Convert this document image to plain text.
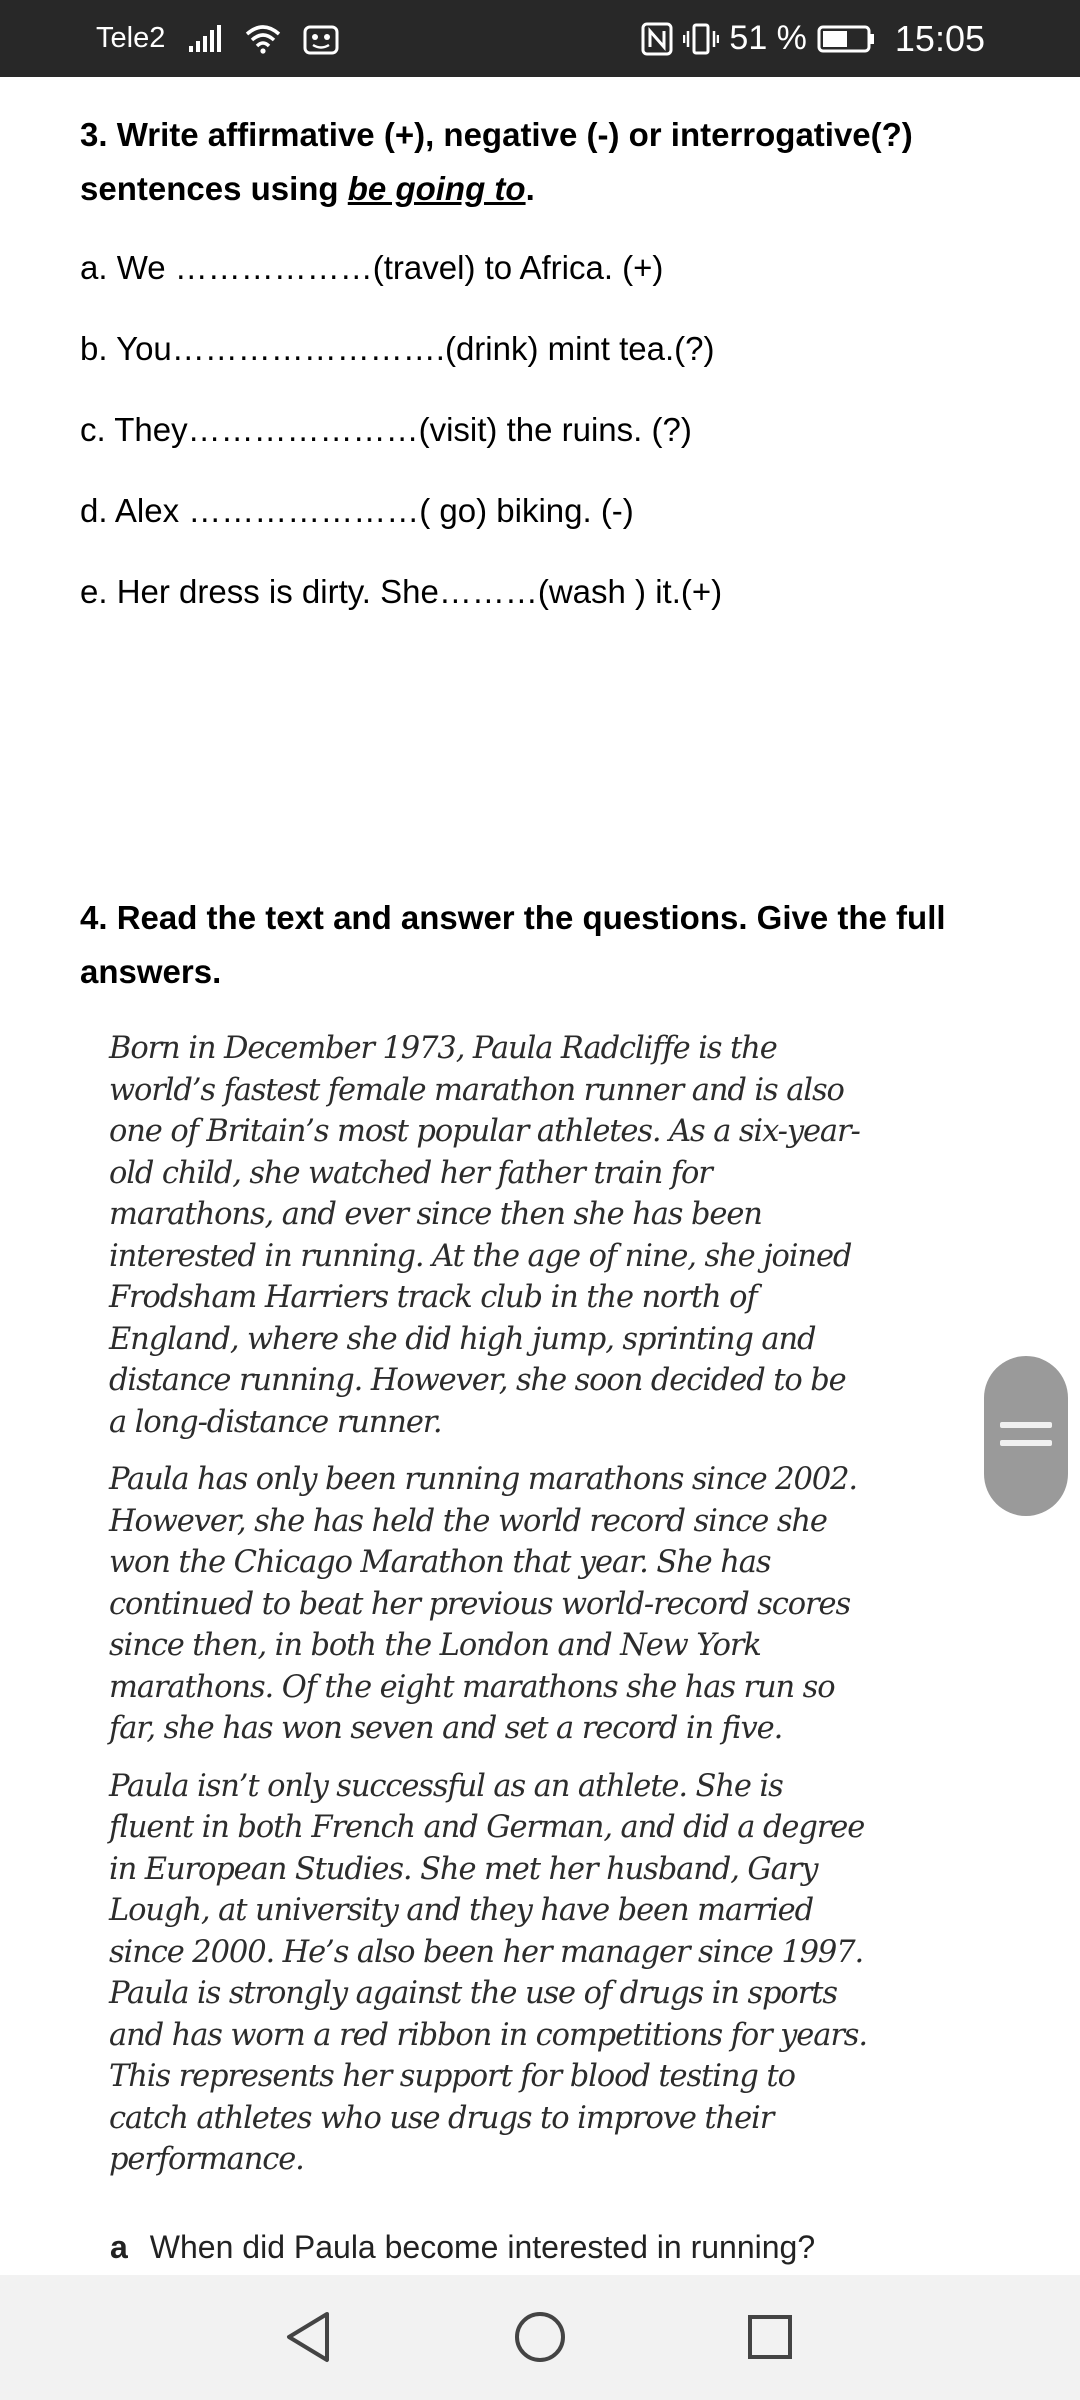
Tele2	51 % 15:05
3. Write affirmative (+), negative (-) or interrogative(?)
sentences using be going to.
a. We ………………(travel) to Africa. (+)
b. You…………………….(drink) mint tea.(?)
c. They…………………(visit) the ruins. (?)
d. Alex …………………( go) biking. (-)
e. Her dress is dirty. She………(wash ) it.(+)
4. Read the text and answer the questions. Give the full
answers.

Born in December 1973, Paula Radcliffe is the world’s fastest female marathon runner and is also one of Britain’s most popular athletes. As a six-year-old child, she watched her father train for marathons, and ever since then she has been interested in running. At the age of nine, she joined Frodsham Harriers track club in the north of England, where she did high jump, sprinting and distance running. However, she soon decided to be a long-distance runner.

Paula has only been running marathons since 2002. However, she has held the world record since she won the Chicago Marathon that year. She has continued to beat her previous world-record scores since then, in both the London and New York marathons. Of the eight marathons she has run so far, she has won seven and set a record in five.

Paula isn’t only successful as an athlete. She is fluent in both French and German, and did a degree in European Studies. She met her husband, Gary Lough, at university and they have been married since 2000. He’s also been her manager since 1997. Paula is strongly against the use of drugs in sports and has worn a red ribbon in competitions for years. This represents her support for blood testing to catch athletes who use drugs to improve their performance.

a When did Paula become interested in running?
